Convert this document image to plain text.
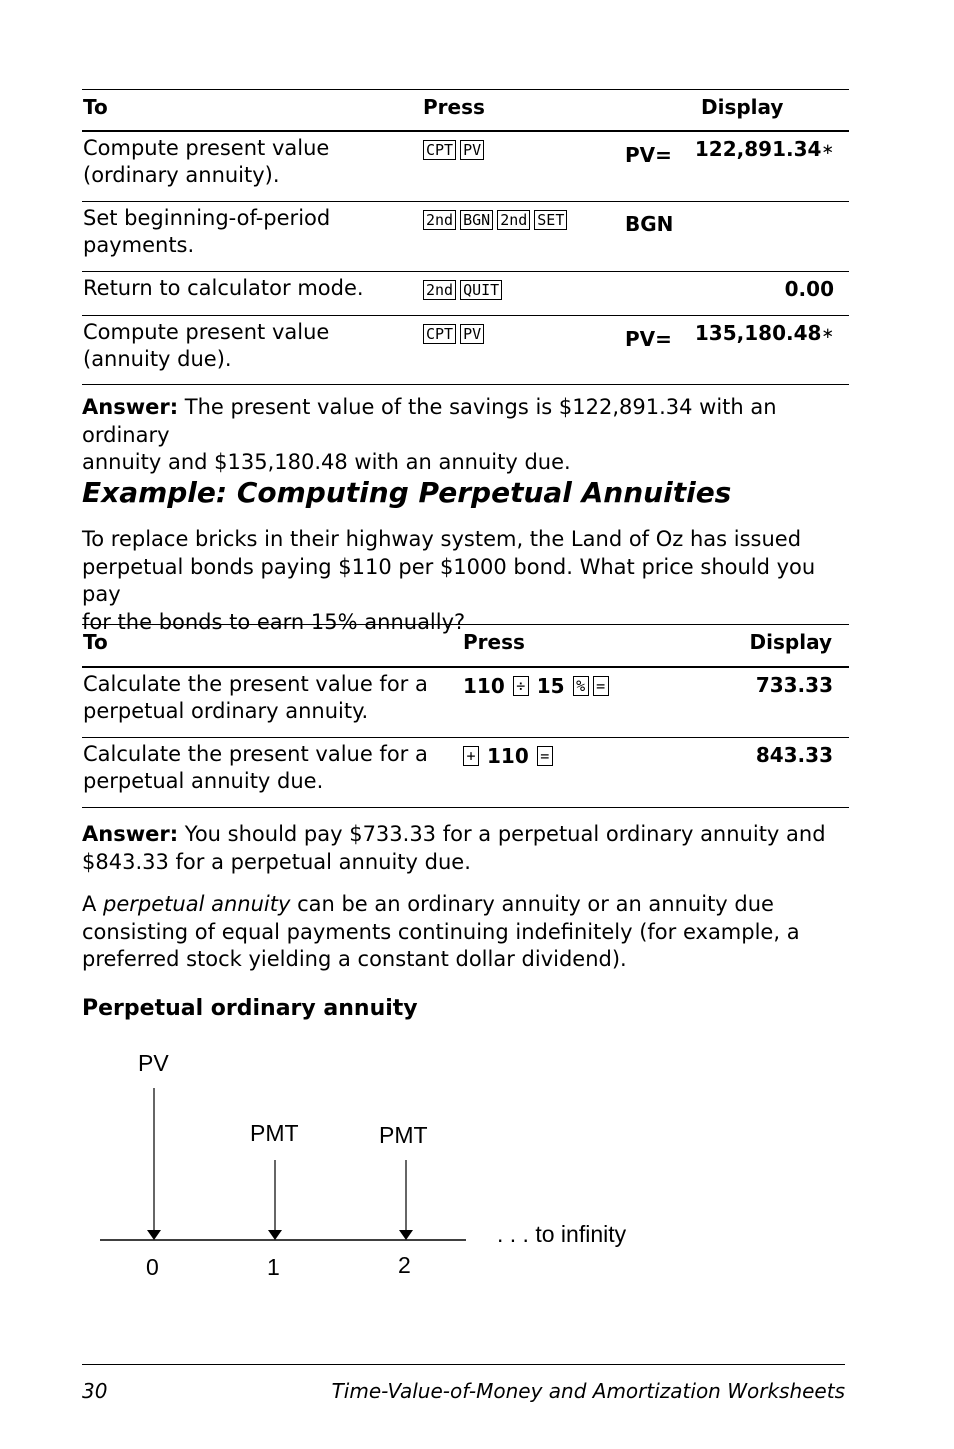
To	Press	Display
Compute present value
(ordinary annuity).
CPT PV	PV= 122,891.34∗
Set beginning-of-period
payments.
2nd BGN 2nd SET	BGN
Return to calculator mode.	2nd QUIT	0.00
Compute present value
(annuity due).
CPT PV	PV= 135,180.48∗
Answer: The present value of the savings is $122,891.34 with an ordinary
annuity and $135,180.48 with an annuity due.
Example: Computing Perpetual Annuities
To replace bricks in their highway system, the Land of Oz has issued
perpetual bonds paying $110 per $1000 bond. What price should you pay
for the bonds to earn 15% annually?
To	Press	Display
Calculate the present value for a
perpetual ordinary annuity.
110 ÷ 15 % =	733.33
Calculate the present value for a
perpetual annuity due.
+ 110 =	843.33
Answer: You should pay $733.33 for a perpetual ordinary annuity and
$843.33 for a perpetual annuity due.
A perpetual annuity can be an ordinary annuity or an annuity due
consisting of equal payments continuing indefinitely (for example, a
preferred stock yielding a constant dollar dividend).
Perpetual ordinary annuity
PV
PMT	PMT
. . . to infinity
0	1	2
30	Time-Value-of-Money and Amortization Worksheets
